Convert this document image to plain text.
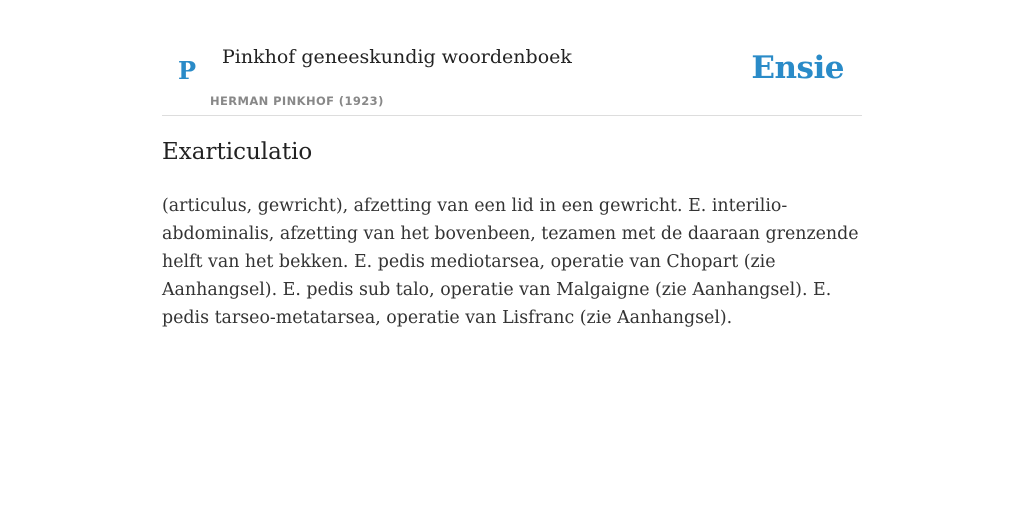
P Pinkhof geneeskundig woordenboek
HERMAN PINKHOF (1923)
Ensie
Exarticulatio

(articulus, gewricht), afzetting van een lid in een gewricht. E. interilio-abdominalis, afzetting van het bovenbeen, tezamen met de daaraan grenzende helft van het bekken. E. pedis mediotarsea, operatie van Chopart (zie Aanhangsel). E. pedis sub talo, operatie van Malgaigne (zie Aanhangsel). E. pedis tarseo-metatarsea, operatie van Lisfranc (zie Aanhangsel).
